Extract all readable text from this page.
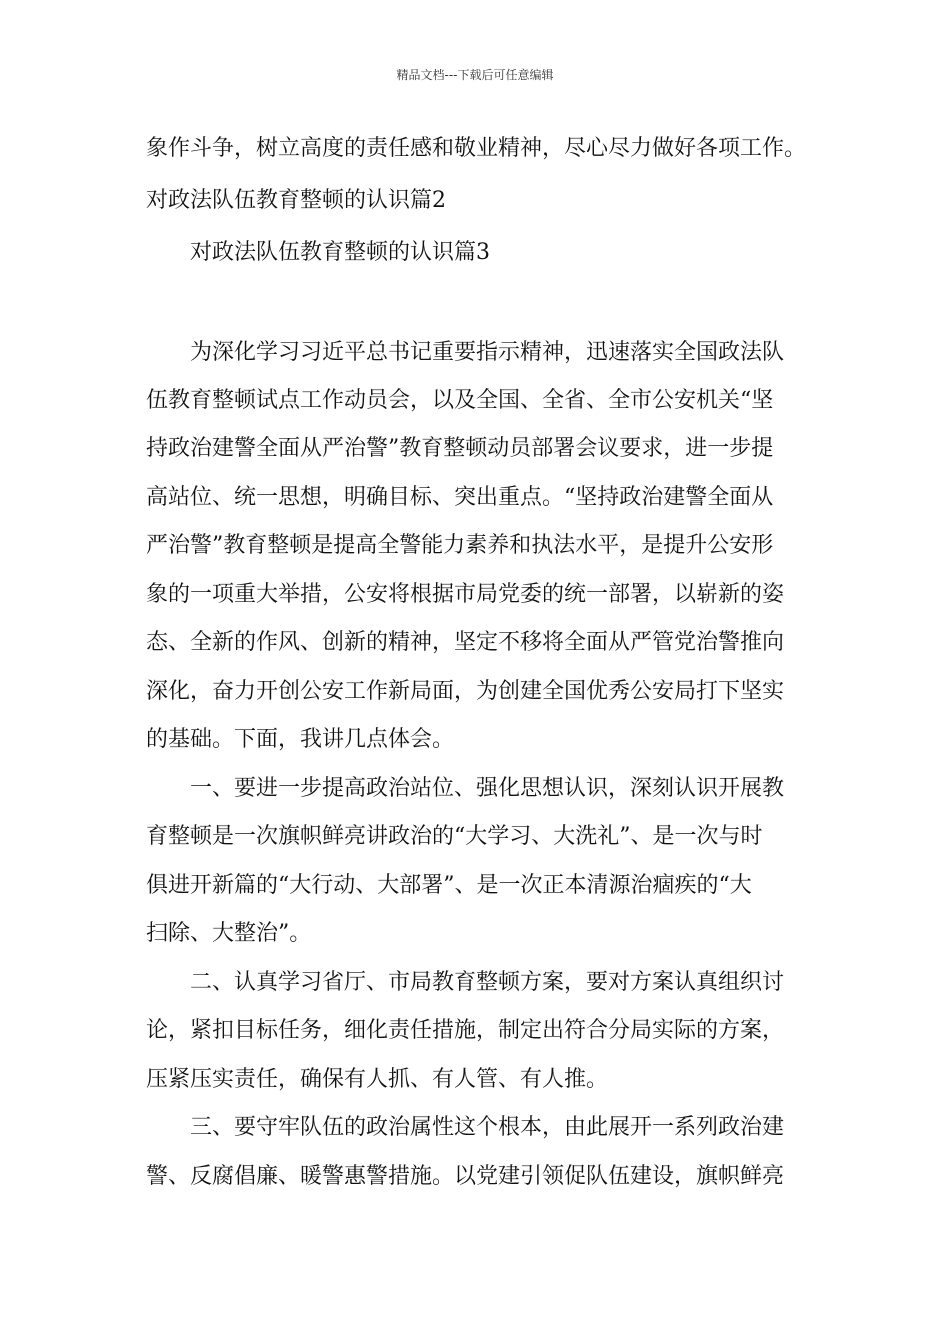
精品文档---下载后可任意编辑
象作斗争，树立高度的责任感和敬业精神，尽心尽力做好各项工作。
对政法队伍教育整顿的认识篇2
对政法队伍教育整顿的认识篇3
为深化学习习近平总书记重要指示精神，迅速落实全国政法队
伍教育整顿试点工作动员会，以及全国、全省、全市公安机关“坚
持政治建警全面从严治警”教育整顿动员部署会议要求，进一步提
高站位、统一思想，明确目标、突出重点。“坚持政治建警全面从
严治警”教育整顿是提高全警能力素养和执法水平，是提升公安形
象的一项重大举措，公安将根据市局党委的统一部署，以崭新的姿
态、全新的作风、创新的精神，坚定不移将全面从严管党治警推向
深化，奋力开创公安工作新局面，为创建全国优秀公安局打下坚实
的基础。下面，我讲几点体会。
一、要进一步提高政治站位、强化思想认识，深刻认识开展教
育整顿是一次旗帜鲜亮讲政治的“大学习、大洗礼”、是一次与时
俱进开新篇的“大行动、大部署”、是一次正本清源治痼疾的“大
扫除、大整治”。
二、认真学习省厅、市局教育整顿方案，要对方案认真组织讨
论，紧扣目标任务，细化责任措施，制定出符合分局实际的方案，
压紧压实责任，确保有人抓、有人管、有人推。
三、要守牢队伍的政治属性这个根本，由此展开一系列政治建
警、反腐倡廉、暖警惠警措施。以党建引领促队伍建设，旗帜鲜亮
